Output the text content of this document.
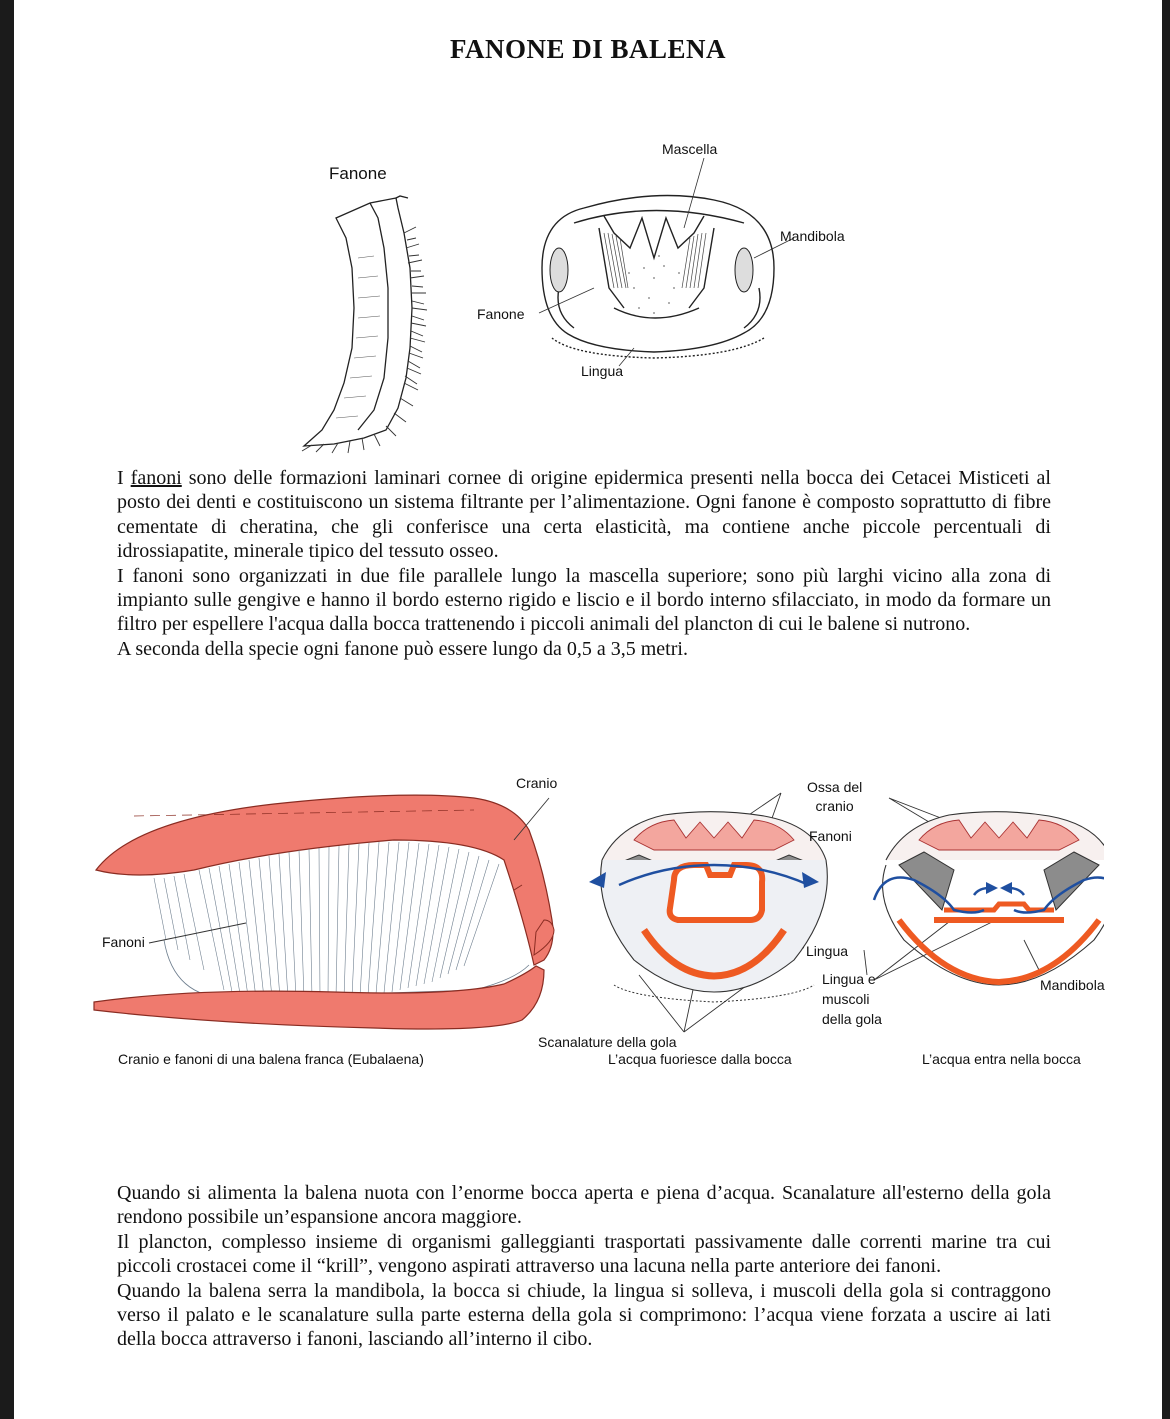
FANONE DI BALENA
Fanone
Mascella
Mandibola
Fanone
Lingua

I fanoni sono delle formazioni laminari cornee di origine epidermica presenti nella bocca dei Cetacei Misticeti al posto dei denti e costituiscono un sistema filtrante per l’alimentazione. Ogni fanone è composto soprattutto di fibre cementate di cheratina, che gli conferisce una certa elasticità, ma contiene anche piccole percentuali di idrossiapatite, minerale tipico del tessuto osseo.

I fanoni sono organizzati in due file parallele lungo la mascella superiore; sono più larghi vicino alla zona di impianto sulle gengive e hanno il bordo esterno rigido e liscio e il bordo interno sfilacciato, in modo da formare un filtro per espellere l'acqua dalla bocca trattenendo i piccoli animali del plancton di cui le balene si nutrono.

A seconda della specie ogni fanone può essere lungo da 0,5 a 3,5 metri.

Cranio
Fanoni
Ossa del
cranio
Fanoni
Lingua
Lingua e
muscoli
della gola
Mandibola
Scanalature della gola
Cranio e fanoni di una balena franca (Eubalaena)	L’acqua fuoriesce dalla bocca	L’acqua entra nella bocca

Quando si alimenta la balena nuota con l’enorme bocca aperta e piena d’acqua. Scanalature all'esterno della gola rendono possibile un’espansione ancora maggiore.

Il plancton, complesso insieme di organismi galleggianti trasportati passivamente dalle correnti marine tra cui piccoli crostacei come il “krill”, vengono aspirati attraverso una lacuna nella parte anteriore dei fanoni.

Quando la balena serra la mandibola, la bocca si chiude, la lingua si solleva, i muscoli della gola si contraggono verso il palato e le scanalature sulla parte esterna della gola si comprimono: l’acqua viene forzata a uscire ai lati della bocca attraverso i fanoni, lasciando all’interno il cibo.
